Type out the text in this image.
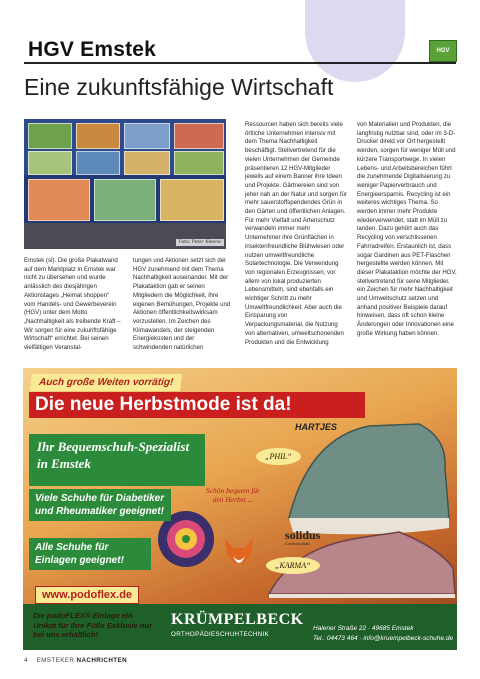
HGV Emstek	HGV
Eine zukunftsfähige Wirtschaft
Foto: Peter Kleene

Emstek (sl). Die große Plakatwand auf dem Marktplatz in Emstek war nicht zu übersehen und wurde anlässlich des diesjährigen Aktionstages „Heimat shoppen“ vom Handels- und Gewerbeverein (HGV) unter dem Motto „Nachhaltigkeit als treibende Kraft – Wir sorgen für eine zukunftsfähige Wirtschaft“ errichtet. Bei seinen vielfältigen Veranstal-

tungen und Aktionen setzt sich der HGV zunehmend mit dem Thema Nachhaltigkeit auseinander. Mit der Plakataktion gab er seinen Mitgliedern die Möglichkeit, ihre eigenen Bemühungen, Projekte und Aktionen öffentlichkeitswirksam vorzustellen. Im Zeichen des Klimawandels, der steigenden Energiekosten und der schwindenden natürlichen

Ressourcen haben sich bereits viele örtliche Unternehmen intensiv mit dem Thema Nachhaltigkeit beschäftigt. Stellvertretend für die vielen Unternehmen der Gemeinde präsentieren 12 HGV-Mitglieder jeweils auf einem Banner ihre Ideen und Projekte. Gärtnereien sind von jeher nah an der Natur und sorgen für mehr sauerstoffspendendes Grün in den Gärten und öffentlichen Anlagen. Für mehr Vielfalt und Artenschutz verwandeln immer mehr Unternehmer ihre Grünflächen in insektenfreundliche Blühwiesen oder nutzen umweltfreundliche Solartechnologie. Die Verwendung von regionalen Erzeugnissen, vor allem von lokal produzierten Lebensmitteln, sind ebenfalls ein wichtiger Schritt zu mehr Umweltfreundlichkeit. Aber auch die Einsparung von Verpackungsmaterial, die Nutzung von alternativen, umweltschonenden Produkten und die Entwicklung

von Materialien und Produkten, die langfristig nutzbar sind, oder im 3-D-Drucker direkt vor Ort hergestellt werden, sorgen für weniger Müll und kürzere Transportwege. In vielen Lebens- und Arbeitsbereichen führt die zunehmende Digitalisierung zu weniger Papierverbrauch und Energieersparnis. Recycling ist ein weiteres wichtiges Thema. So werden immer mehr Produkte wiederverwendet, statt im Müll zu landen. Dazu gehört auch das Recycling von verschlissenen Fahrradreifen. Erstaunlich ist, dass sogar Gardinen aus PET-Flaschen hergestellte werden können. Mit dieser Plakataktion möchte der HGV, stellvertretend für seine Mitglieder, ein Zeichen für mehr Nachhaltigkeit und Umweltschutz setzen und anhand positiver Beispiele darauf hinweisen, dass oft schon kleine Änderungen oder Innovationen eine große Wirkung haben können.

Auch große Weiten vorrätig!
Die neue Herbstmode ist da!
Ihr Bequemschuh-Spezialist in Emstek
Viele Schuhe für Diabetiker und Rheumatiker geeignet!
Alle Schuhe für Einlagen geeignet!
Schön bequem für den Herbst ...
HARTJES
„PHIL“
solidus
Comfortschuhe
„KARMA“
www.podoflex.de
Die podoFLEX® Einlage ein Unikat für Ihre Füße Exklusiv nur bei uns erhältlich!
KRÜMPELBECK
ORTHOPÄDIESCHUHTECHNIK
Halener Straße 22 · 49685 Emstek
Tel.: 04473 464 · info@kruempelbeck-schuhe.de
4 EMSTEKER NACHRICHTEN
